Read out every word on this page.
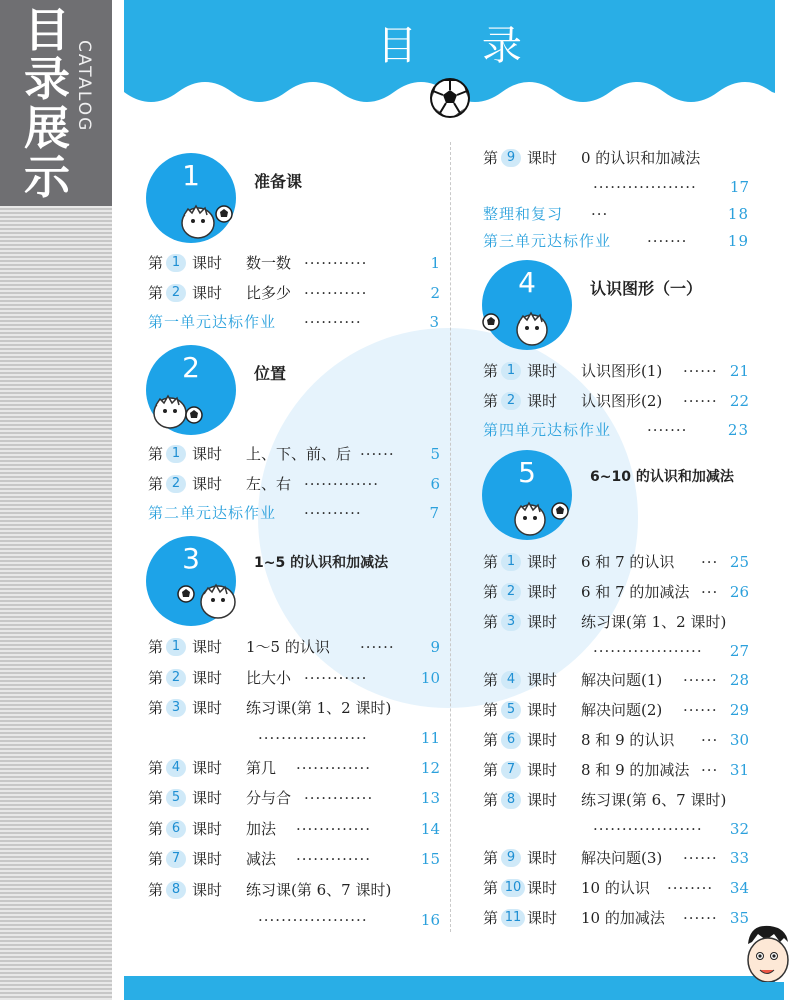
目
录
展
示
CATALOG	目 录
1	准备课
第 1 课时 数一数 ···········	1
第 2 课时 比多少 ···········	2
第一单元达标作业 ··········	3
2	位置
第 1 课时 上、下、前、后 ······	5
第 2 课时 左、右 ·············	6
第二单元达标作业 ··········	7
3	1~5 的认识和加减法
第 1 课时 1～5 的认识 ······	9
第 2 课时 比大小 ···········	10
第 3 课时 练习课(第 1、2 课时)
···················	11
第 4 课时 第几 ·············	12
第 5 课时 分与合 ············	13
第 6 课时 加法 ·············	14
第 7 课时 减法 ·············	15
第 8 课时 练习课(第 6、7 课时)
···················	16
第 9 课时 0 的认识和加减法
··················	17
整理和复习 ···	18
第三单元达标作业 ·······	19
4	认识图形（一）
第 1 课时 认识图形(1) ······ 21
第 2 课时 认识图形(2) ······ 22
第四单元达标作业 ·······	23
5	6~10 的认识和加减法
第 1 课时 6 和 7 的认识 ··· 25
第 2 课时 6 和 7 的加减法 ··· 26
第 3 课时 练习课(第 1、2 课时)
···················	27
第 4 课时 解决问题(1) ······ 28
第 5 课时 解决问题(2) ······ 29
第 6 课时 8 和 9 的认识 ··· 30
第 7 课时 8 和 9 的加减法 ··· 31
第 8 课时 练习课(第 6、7 课时)
···················	32
第 9 课时 解决问题(3) ······ 33
第 10 课时 10 的认识 ········	34
第 11 课时 10 的加减法 ······ 35
